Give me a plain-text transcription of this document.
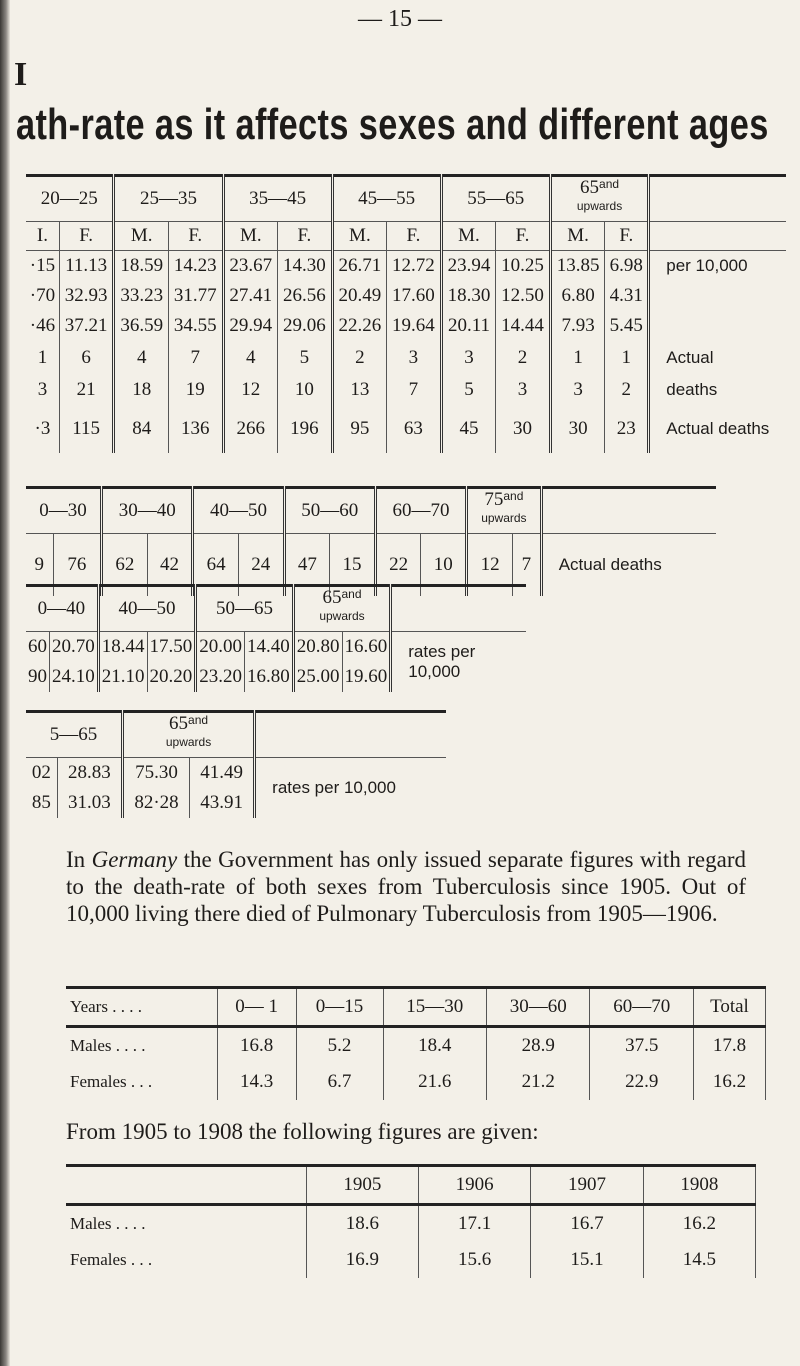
— 15 —
I
ath-rate as it affects sexes and different ages
20—25		25—35		35—45		45—55		55—65		$65^{and upwards}$	
I.	F.	M.	F.	M.	F.	M.	F.	M.	F.	M.	F.	
·15	11.13	18.59	14.23	23.67	14.30	26.71	12.72	23.94	10.25	13.85	6.98	per 10,000
·70	32.93	33.23	31.77	27.41	26.56	20.49	17.60	18.30	12.50	6.80	4.31	
·46	37.21	36.59	34.55	29.94	29.06	22.26	19.64	20.11	14.44	7.93	5.45	
1	6	4	7	4	5	2	3	3	2	1	1	Actual
3	21	18	19	12	10	13	7	5	3	3	2	deaths
·3	115	84	136	266	196	95	63	45	30	30	23	Actual deaths
0—30		30—40		40—50		50—60		60—70		$75^{and upwards}$	
9	76	62	42	64	24	47	15	22	10	12	7	Actual deaths
0—40		40—50		50—65		$65^{and upwards}$	
60	20.70	18.44	17.50	20.00	14.40	20.80	16.60	rates per 10,000
90	24.10	21.10	20.20	23.20	16.80	25.00	19.60	
5—65		$65^{and upwards}$	
02	28.83	75.30	41.49	rates per 10,000
85	31.03	82·28	43.91	
In Germany the Government has only issued separate figures with regard to the death-rate of both sexes from Tuberculosis since 1905. Out of 10,000 living there died of Pulmonary Tuberculosis from 1905—1906.
Years . . . .	0— 1	0—15	15—30	30—60	60—70	Total
Males . . . .	16.8	5.2	18.4	28.9	37.5	17.8
Females . . .	14.3	6.7	21.6	21.2	22.9	16.2
From 1905 to 1908 the following figures are given:
	1905	1906	1907	1908
Males . . . .	18.6	17.1	16.7	16.2
Females . . .	16.9	15.6	15.1	14.5
